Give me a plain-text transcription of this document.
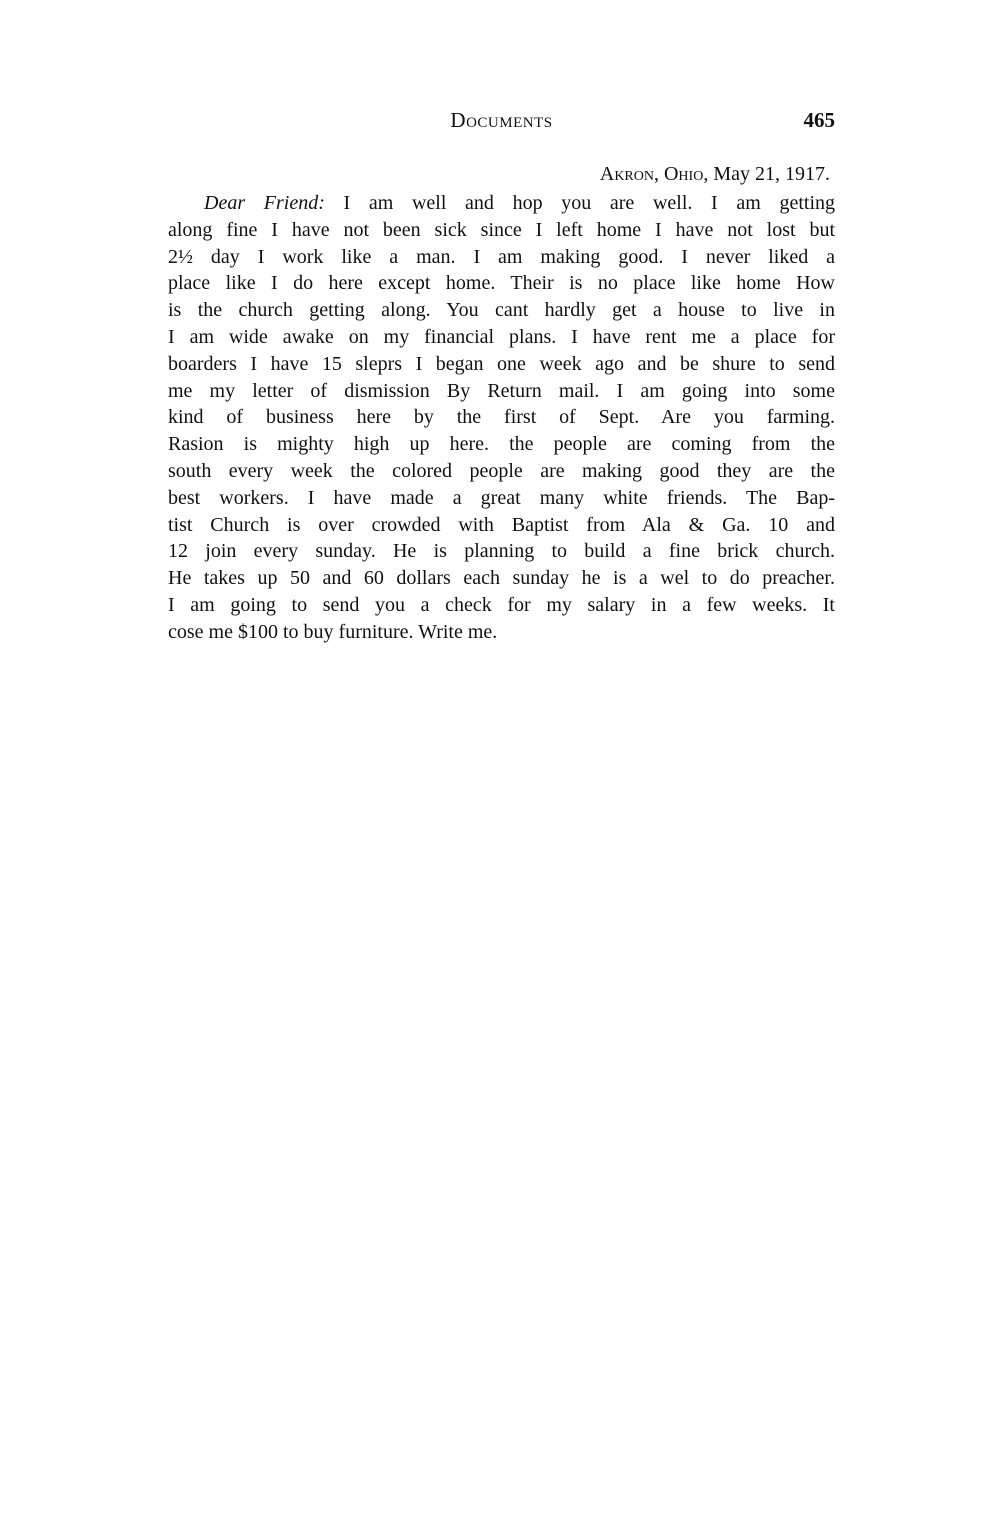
Documents	465
Akron, Ohio, May 21, 1917.
Dear Friend: I am well and hop you are well. I am getting
along fine I have not been sick since I left home I have not lost but
2½ day I work like a man. I am making good. I never liked a
place like I do here except home. Their is no place like home How
is the church getting along. You cant hardly get a house to live in
I am wide awake on my financial plans. I have rent me a place for
boarders I have 15 sleprs I began one week ago and be shure to send
me my letter of dismission By Return mail. I am going into some
kind of business here by the first of Sept. Are you farming.
Rasion is mighty high up here. the people are coming from the
south every week the colored people are making good they are the
best workers. I have made a great many white friends. The Bap-
tist Church is over crowded with Baptist from Ala & Ga. 10 and
12 join every sunday. He is planning to build a fine brick church.
He takes up 50 and 60 dollars each sunday he is a wel to do preacher.
I am going to send you a check for my salary in a few weeks. It
cose me $100 to buy furniture. Write me.
